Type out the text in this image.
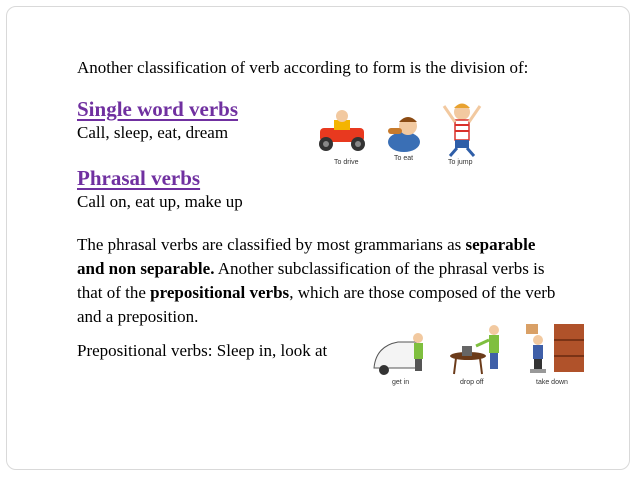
Another classification of verb according to form is the division of:
Single word verbs
Call, sleep, eat, dream
Phrasal verbs
Call on, eat up, make up
The phrasal verbs are classified by most grammarians as separable and non separable. Another subclassification of the phrasal verbs is that of the prepositional verbs, which are those composed of the verb and a preposition.
Prepositional verbs: Sleep in, look at
To drive
To eat
To jump
get in	drop off	take down
